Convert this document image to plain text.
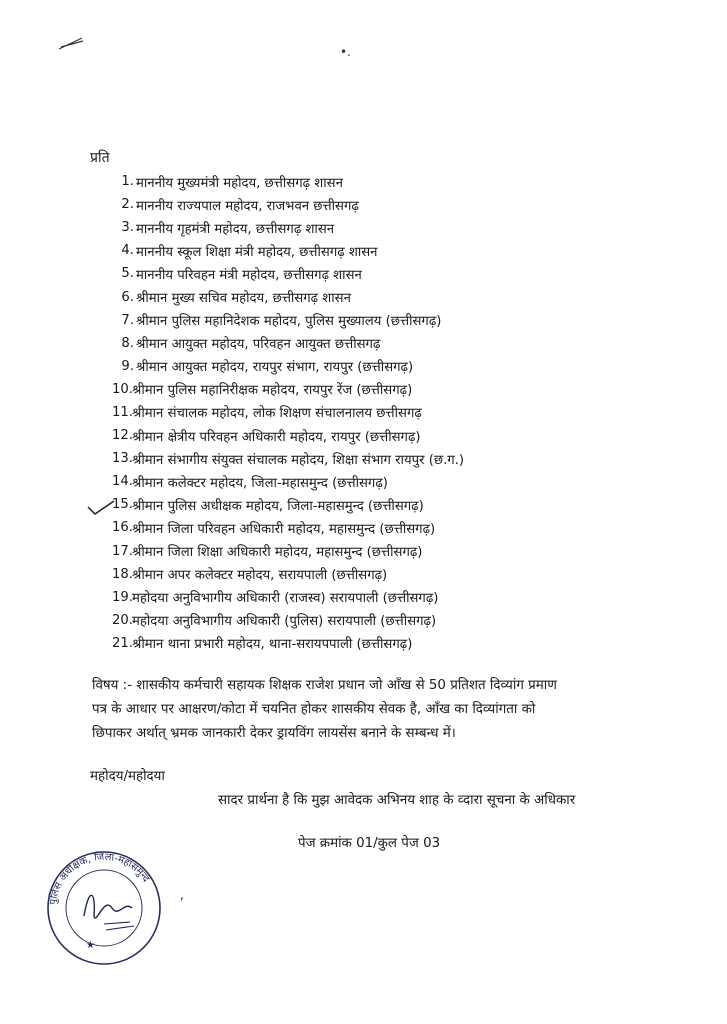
•.
प्रति
1. माननीय मुख्यमंत्री महोदय, छत्तीसगढ़ शासन
2. माननीय राज्यपाल महोदय, राजभवन छत्तीसगढ़
3. माननीय गृहमंत्री महोदय, छत्तीसगढ़ शासन
4. माननीय स्कूल शिक्षा मंत्री महोदय, छत्तीसगढ़ शासन
5. माननीय परिवहन मंत्री महोदय, छत्तीसगढ़ शासन
6. श्रीमान मुख्य सचिव महोदय, छत्तीसगढ़ शासन
7. श्रीमान पुलिस महानिदेशक महोदय, पुलिस मुख्यालय (छत्तीसगढ़)
8. श्रीमान आयुक्त महोदय, परिवहन आयुक्त छत्तीसगढ़
9. श्रीमान आयुक्त महोदय, रायपुर संभाग, रायपुर (छत्तीसगढ़)
10. श्रीमान पुलिस महानिरीक्षक महोदय, रायपुर रेंज (छत्तीसगढ़)
11. श्रीमान संचालक महोदय, लोक शिक्षण संचालनालय छत्तीसगढ़
12. श्रीमान क्षेत्रीय परिवहन अधिकारी महोदय, रायपुर (छत्तीसगढ़)
13. श्रीमान संभागीय संयुक्त संचालक महोदय, शिक्षा संभाग रायपुर (छ.ग.)
14. श्रीमान कलेक्टर महोदय, जिला-महासमुन्द (छत्तीसगढ़)
15. श्रीमान पुलिस अधीक्षक महोदय, जिला-महासमुन्द (छत्तीसगढ़)
16. श्रीमान जिला परिवहन अधिकारी महोदय, महासमुन्द (छत्तीसगढ़)
17. श्रीमान जिला शिक्षा अधिकारी महोदय, महासमुन्द (छत्तीसगढ़)
18. श्रीमान अपर कलेक्टर महोदय, सरायपाली (छत्तीसगढ़)
19. महोदया अनुविभागीय अधिकारी (राजस्व) सरायपाली (छत्तीसगढ़)
20. महोदया अनुविभागीय अधिकारी (पुलिस) सरायपाली (छत्तीसगढ़)
21. श्रीमान थाना प्रभारी महोदय, थाना-सरायपपाली (छत्तीसगढ़)

विषय :- शासकीय कर्मचारी सहायक शिक्षक राजेश प्रधान जो आँख से 50 प्रतिशत दिव्यांग प्रमाण

पत्र के आधार पर आक्षरण/कोटा में चयनित होकर शासकीय सेवक है, आँख का दिव्यांगता को

छिपाकर अर्थात् भ्रमक जानकारी देकर ड्रायविंग लायसेंस बनाने के सम्बन्ध में।

महोदय/महोदया
सादर प्रार्थना है कि मुझ आवेदक अभिनय शाह के व्दारा सूचना के अधिकार
पेज क्रमांक 01/कुल पेज 03
पुलिस अधीक्षक, जिला-महासमुन्द
★
,
